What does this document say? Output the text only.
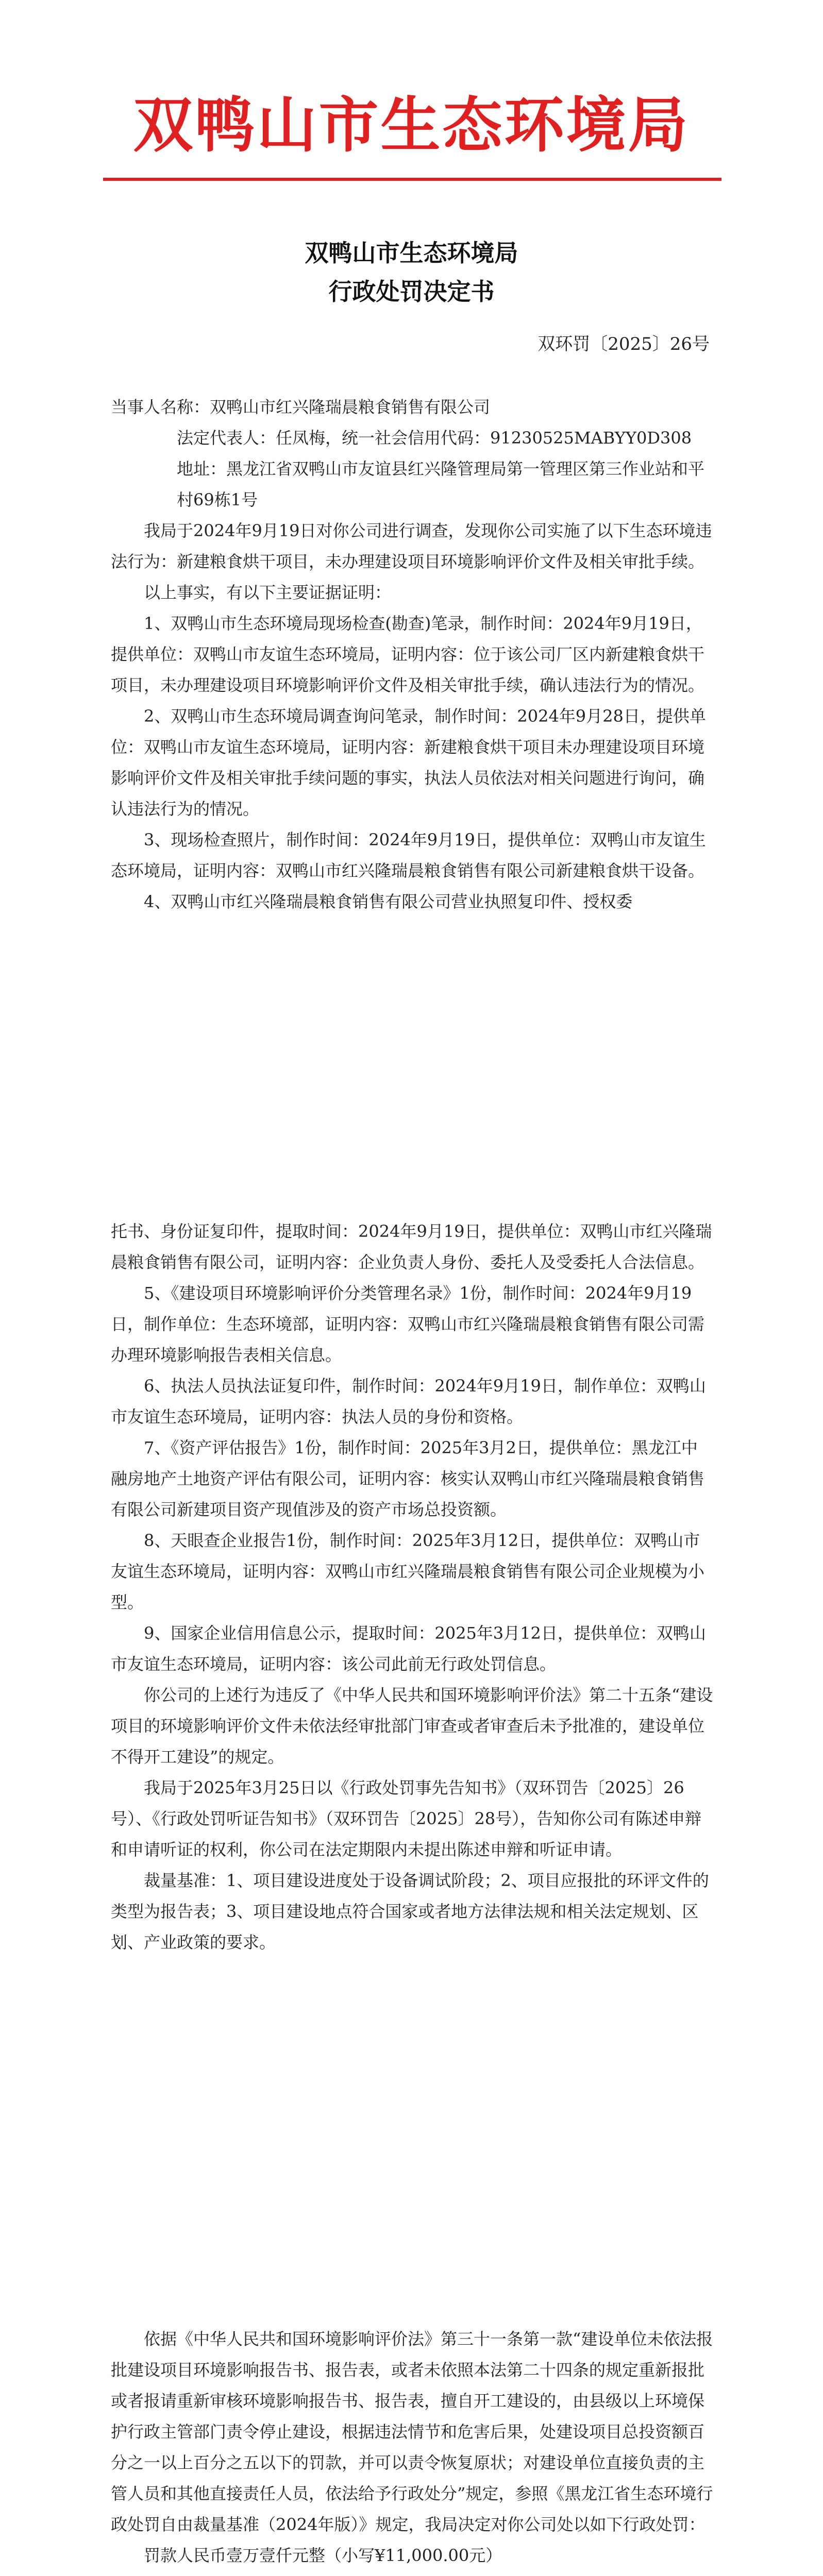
双鸭山市生态环境局
双鸭山市生态环境局
行政处罚决定书
双环罚〔2025〕26号

当事人名称：双鸭山市红兴隆瑞晨粮食销售有限公司

法定代表人：任凤梅，统一社会信用代码：91230525MABYY0D308

地址：黑龙江省双鸭山市友谊县红兴隆管理局第一管理区第三作业站和平村69栋1号

我局于2024年9月19日对你公司进行调查，发现你公司实施了以下生态环境违法行为：新建粮食烘干项目，未办理建设项目环境影响评价文件及相关审批手续。

以上事实，有以下主要证据证明：

1、双鸭山市生态环境局现场检查(勘查)笔录，制作时间：2024年9月19日，提供单位：双鸭山市友谊生态环境局，证明内容：位于该公司厂区内新建粮食烘干项目，未办理建设项目环境影响评价文件及相关审批手续，确认违法行为的情况。

2、双鸭山市生态环境局调查询问笔录，制作时间：2024年9月28日，提供单位：双鸭山市友谊生态环境局，证明内容：新建粮食烘干项目未办理建设项目环境影响评价文件及相关审批手续问题的事实，执法人员依法对相关问题进行询问，确认违法行为的情况。

3、现场检查照片，制作时间：2024年9月19日，提供单位：双鸭山市友谊生态环境局，证明内容：双鸭山市红兴隆瑞晨粮食销售有限公司新建粮食烘干设备。

4、双鸭山市红兴隆瑞晨粮食销售有限公司营业执照复印件、授权委

托书、身份证复印件，提取时间：2024年9月19日，提供单位：双鸭山市红兴隆瑞晨粮食销售有限公司，证明内容：企业负责人身份、委托人及受委托人合法信息。

5、《建设项目环境影响评价分类管理名录》1份，制作时间：2024年9月19日，制作单位：生态环境部，证明内容：双鸭山市红兴隆瑞晨粮食销售有限公司需办理环境影响报告表相关信息。

6、执法人员执法证复印件，制作时间：2024年9月19日，制作单位：双鸭山市友谊生态环境局，证明内容：执法人员的身份和资格。

7、《资产评估报告》1份，制作时间：2025年3月2日，提供单位：黑龙江中融房地产土地资产评估有限公司，证明内容：核实认双鸭山市红兴隆瑞晨粮食销售有限公司新建项目资产现值涉及的资产市场总投资额。

8、天眼查企业报告1份，制作时间：2025年3月12日，提供单位：双鸭山市友谊生态环境局，证明内容：双鸭山市红兴隆瑞晨粮食销售有限公司企业规模为小型。

9、国家企业信用信息公示，提取时间：2025年3月12日，提供单位：双鸭山市友谊生态环境局，证明内容：该公司此前无行政处罚信息。

你公司的上述行为违反了《中华人民共和国环境影响评价法》第二十五条“建设项目的环境影响评价文件未依法经审批部门审查或者审查后未予批准的，建设单位不得开工建设”的规定。

我局于2025年3月25日以《行政处罚事先告知书》（双环罚告〔2025〕26号）、《行政处罚听证告知书》（双环罚告〔2025〕28号），告知你公司有陈述申辩和申请听证的权利，你公司在法定期限内未提出陈述申辩和听证申请。

裁量基准：1、项目建设进度处于设备调试阶段；2、项目应报批的环评文件的类型为报告表；3、项目建设地点符合国家或者地方法律法规和相关法定规划、区划、产业政策的要求。

依据《中华人民共和国环境影响评价法》第三十一条第一款“建设单位未依法报批建设项目环境影响报告书、报告表，或者未依照本法第二十四条的规定重新报批或者报请重新审核环境影响报告书、报告表，擅自开工建设的，由县级以上环境保护行政主管部门责令停止建设，根据违法情节和危害后果，处建设项目总投资额百分之一以上百分之五以下的罚款，并可以责令恢复原状；对建设单位直接负责的主管人员和其他直接责任人员，依法给予行政处分”规定，参照《黑龙江省生态环境行政处罚自由裁量基准（2024年版）》规定，我局决定对你公司处以如下行政处罚：

罚款人民币壹万壹仟元整（小写¥11,000.00元）
